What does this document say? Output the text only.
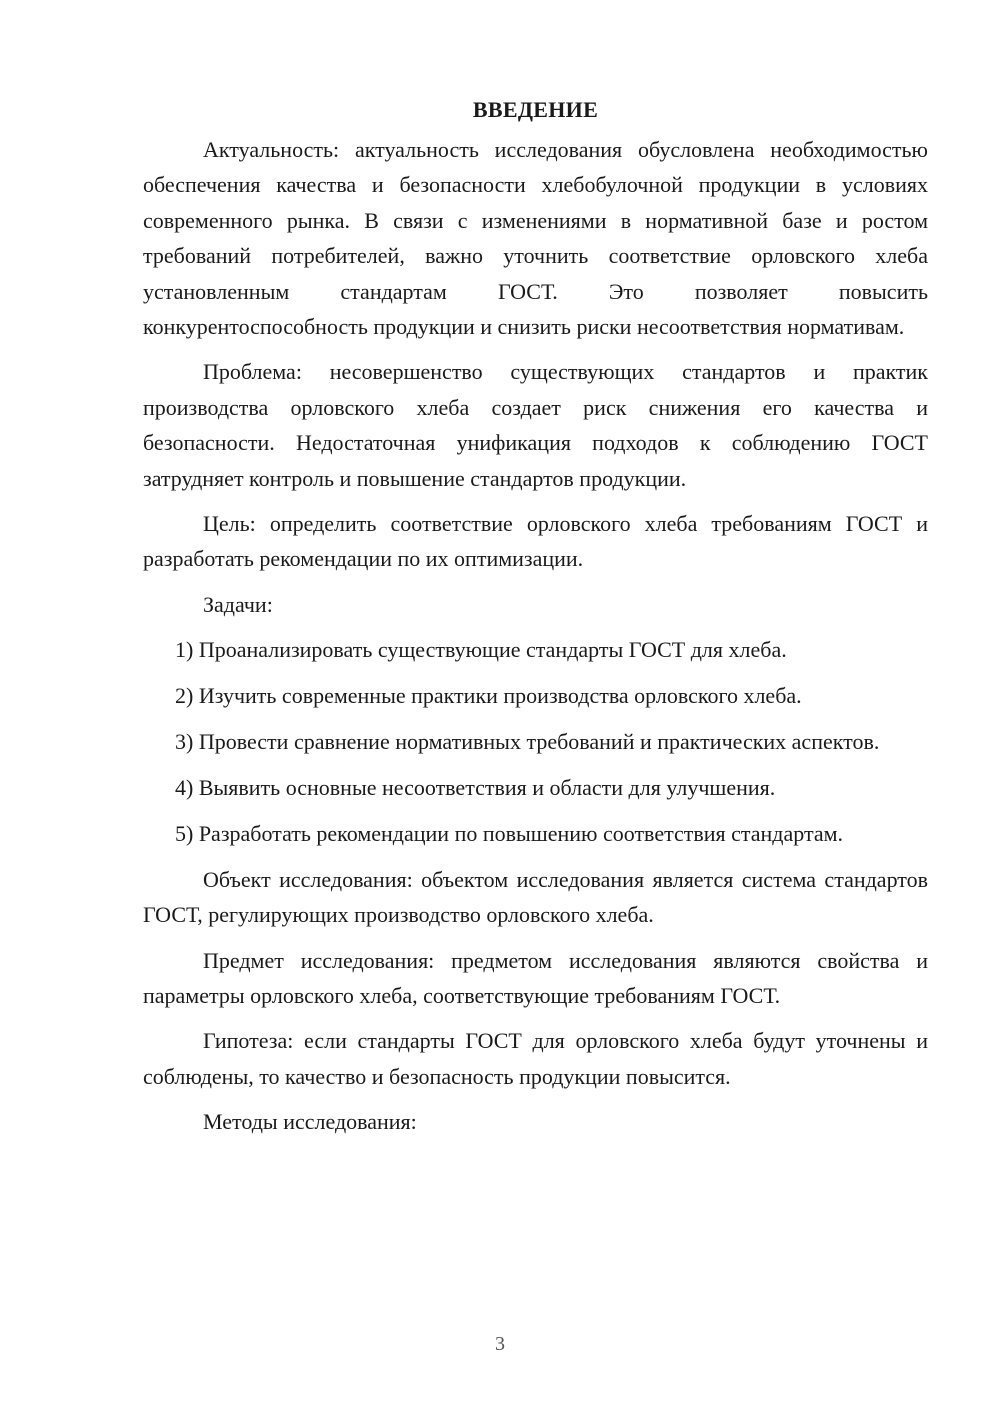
ВВЕДЕНИЕ

Актуальность: актуальность исследования обусловлена необходимостью обеспечения качества и безопасности хлебобулочной продукции в условиях современного рынка. В связи с изменениями в нормативной базе и ростом требований потребителей, важно уточнить соответствие орловского хлеба установленным стандартам ГОСТ. Это позволяет повысить конкурентоспособность продукции и снизить риски несоответствия нормативам.

Проблема: несовершенство существующих стандартов и практик производства орловского хлеба создает риск снижения его качества и безопасности. Недостаточная унификация подходов к соблюдению ГОСТ затрудняет контроль и повышение стандартов продукции.

Цель: определить соответствие орловского хлеба требованиям ГОСТ и разработать рекомендации по их оптимизации.

Задачи:

1) Проанализировать существующие стандарты ГОСТ для хлеба.

2) Изучить современные практики производства орловского хлеба.

3) Провести сравнение нормативных требований и практических аспектов.

4) Выявить основные несоответствия и области для улучшения.

5) Разработать рекомендации по повышению соответствия стандартам.

Объект исследования: объектом исследования является система стандартов ГОСТ, регулирующих производство орловского хлеба.

Предмет исследования: предметом исследования являются свойства и параметры орловского хлеба, соответствующие требованиям ГОСТ.

Гипотеза: если стандарты ГОСТ для орловского хлеба будут уточнены и соблюдены, то качество и безопасность продукции повысится.

Методы исследования:

3
